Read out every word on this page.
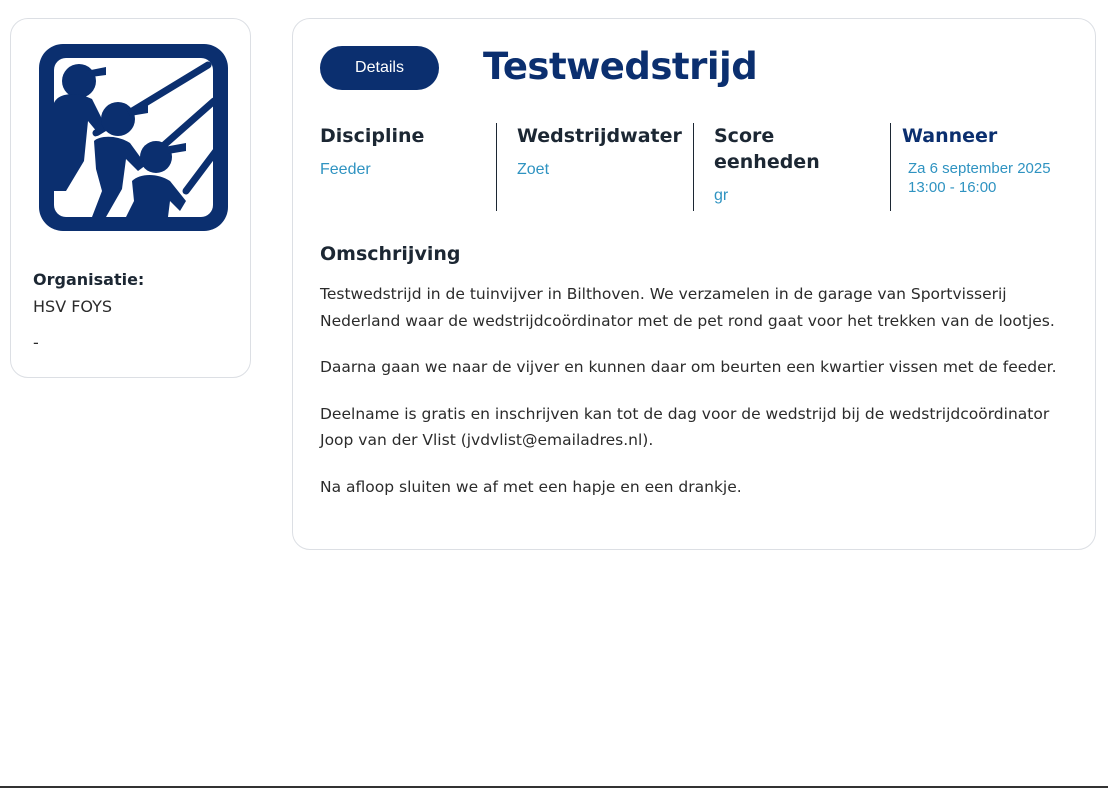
Organisatie:
HSV FOYS
-
Details	Testwedstrijd
Discipline
Feeder
Wedstrijdwater
Zoet
Score eenheden
gr
Wanneer
Za 6 september 2025
13:00 - 16:00
Omschrijving

Testwedstrijd in de tuinvijver in Bilthoven. We verzamelen in de garage van Sportvisserij Nederland waar de wedstrijdcoördinator met de pet rond gaat voor het trekken van de lootjes.

Daarna gaan we naar de vijver en kunnen daar om beurten een kwartier vissen met de feeder.

Deelname is gratis en inschrijven kan tot de dag voor de wedstrijd bij de wedstrijdcoördinator Joop van der Vlist (jvdvlist@emailadres.nl).

Na afloop sluiten we af met een hapje en een drankje.
